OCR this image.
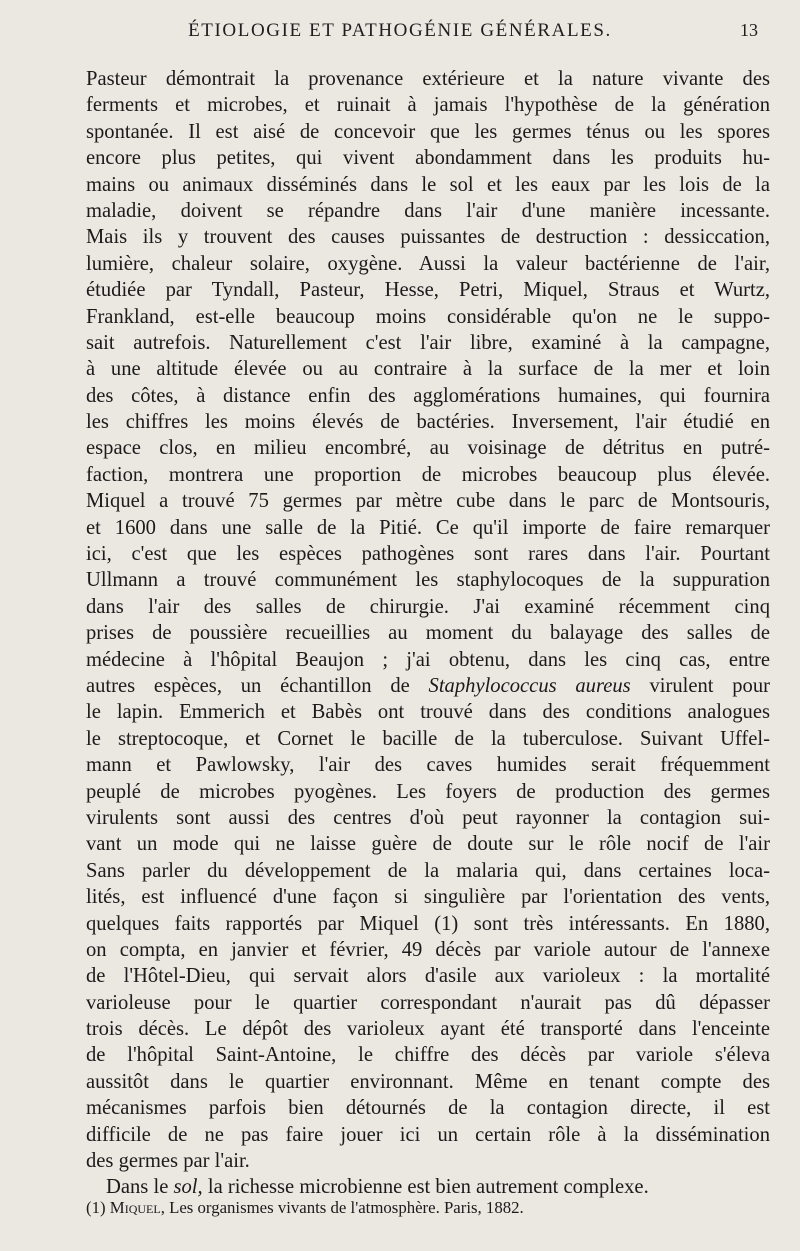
ÉTIOLOGIE ET PATHOGÉNIE GÉNÉRALES.	13
Pasteur démontrait la provenance extérieure et la nature vivante des
ferments et microbes, et ruinait à jamais l'hypothèse de la génération
spontanée. Il est aisé de concevoir que les germes ténus ou les spores
encore plus petites, qui vivent abondamment dans les produits hu-
mains ou animaux disséminés dans le sol et les eaux par les lois de la
maladie, doivent se répandre dans l'air d'une manière incessante.
Mais ils y trouvent des causes puissantes de destruction : dessiccation,
lumière, chaleur solaire, oxygène. Aussi la valeur bactérienne de l'air,
étudiée par Tyndall, Pasteur, Hesse, Petri, Miquel, Straus et Wurtz,
Frankland, est-elle beaucoup moins considérable qu'on ne le suppo-
sait autrefois. Naturellement c'est l'air libre, examiné à la campagne,
à une altitude élevée ou au contraire à la surface de la mer et loin
des côtes, à distance enfin des agglomérations humaines, qui fournira
les chiffres les moins élevés de bactéries. Inversement, l'air étudié en
espace clos, en milieu encombré, au voisinage de détritus en putré-
faction, montrera une proportion de microbes beaucoup plus élevée.
Miquel a trouvé 75 germes par mètre cube dans le parc de Montsouris,
et 1600 dans une salle de la Pitié. Ce qu'il importe de faire remarquer
ici, c'est que les espèces pathogènes sont rares dans l'air. Pourtant
Ullmann a trouvé communément les staphylocoques de la suppuration
dans l'air des salles de chirurgie. J'ai examiné récemment cinq
prises de poussière recueillies au moment du balayage des salles de
médecine à l'hôpital Beaujon ; j'ai obtenu, dans les cinq cas, entre
autres espèces, un échantillon de Staphylococcus aureus virulent pour
le lapin. Emmerich et Babès ont trouvé dans des conditions analogues
le streptocoque, et Cornet le bacille de la tuberculose. Suivant Uffel-
mann et Pawlowsky, l'air des caves humides serait fréquemment
peuplé de microbes pyogènes. Les foyers de production des germes
virulents sont aussi des centres d'où peut rayonner la contagion sui-
vant un mode qui ne laisse guère de doute sur le rôle nocif de l'air
Sans parler du développement de la malaria qui, dans certaines loca-
lités, est influencé d'une façon si singulière par l'orientation des vents,
quelques faits rapportés par Miquel (1) sont très intéressants. En 1880,
on compta, en janvier et février, 49 décès par variole autour de l'annexe
de l'Hôtel-Dieu, qui servait alors d'asile aux varioleux : la mortalité
varioleuse pour le quartier correspondant n'aurait pas dû dépasser
trois décès. Le dépôt des varioleux ayant été transporté dans l'enceinte
de l'hôpital Saint-Antoine, le chiffre des décès par variole s'éleva
aussitôt dans le quartier environnant. Même en tenant compte des
mécanismes parfois bien détournés de la contagion directe, il est
difficile de ne pas faire jouer ici un certain rôle à la dissémination
des germes par l'air.
Dans le sol, la richesse microbienne est bien autrement complexe.
(1) Miquel, Les organismes vivants de l'atmosphère. Paris, 1882.
